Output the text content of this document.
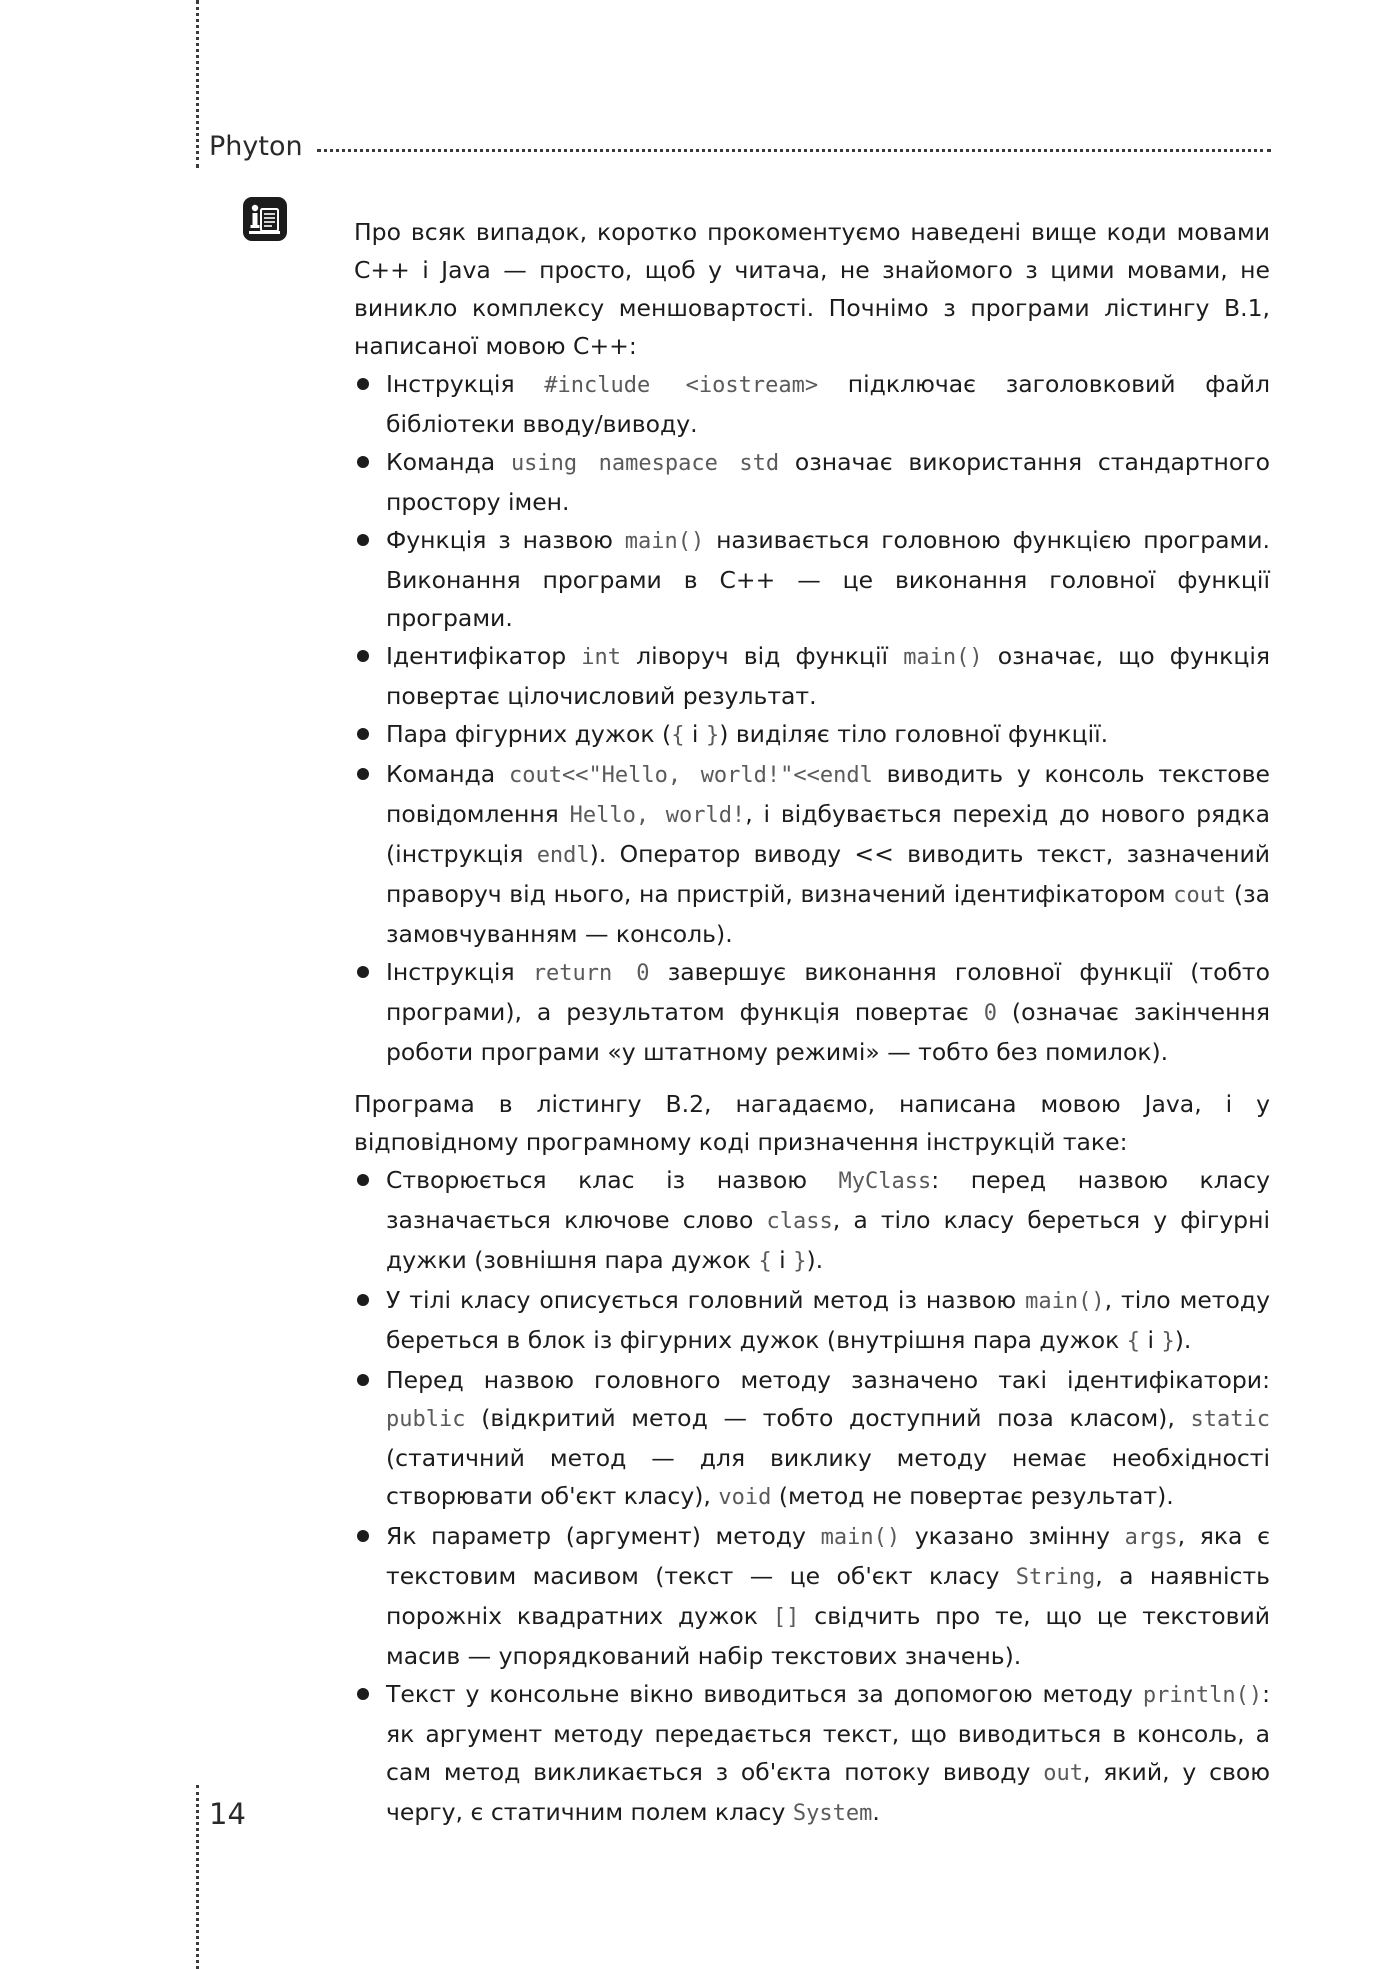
Phyton

Про всяк випадок, коротко прокоментуємо наведені вище коди мовами C++ і Java — просто, щоб у читача, не знайомого з цими мовами, не виникло комплексу меншовартості. Почнімо з програми лістингу В.1, написаної мовою C++:

Інструкція #include <iostream> підключає заголовковий файл бібліотеки вводу/виводу.
Команда using namespace std означає використання стандартного простору імен.
Функція з назвою main() називається головною функцією програми. Виконання програми в C++ — це виконання головної функції програми.
Ідентифікатор int ліворуч від функції main() означає, що функція повертає цілочисловий результат.
Пара фігурних дужок ({ і }) виділяє тіло головної функції.
Команда cout<<"Hello, world!"<<endl виводить у консоль текстове повідомлення Hello, world!, і відбувається перехід до нового рядка (інструкція endl). Оператор виводу << виводить текст, зазначений праворуч від нього, на пристрій, визначений ідентифікатором cout (за замовчуванням — консоль).
Інструкція return 0 завершує виконання головної функції (тобто програми), а результатом функція повертає 0 (означає закінчення роботи програми «у штатному режимі» — тобто без помилок).

Програма в лістингу В.2, нагадаємо, написана мовою Java, і у відповідному програмному коді призначення інструкцій таке:

Створюється клас із назвою MyClass: перед назвою класу зазначається ключове слово class, а тіло класу береться у фігурні дужки (зовнішня пара дужок { і }).
У тілі класу описується головний метод із назвою main(), тіло методу береться в блок із фігурних дужок (внутрішня пара дужок { і }).
Перед назвою головного методу зазначено такі ідентифікатори: public (відкритий метод — тобто доступний поза класом), static (статичний метод — для виклику методу немає необхідності створювати об'єкт класу), void (метод не повертає результат).
Як параметр (аргумент) методу main() указано змінну args, яка є текстовим масивом (текст — це об'єкт класу String, а наявність порожніх квадратних дужок [] свідчить про те, що це текстовий масив — упорядкований набір текстових значень).
Текст у консольне вікно виводиться за допомогою методу println(): як аргумент методу передається текст, що виводиться в консоль, а сам метод викликається з об'єкта потоку виводу out, який, у свою чергу, є статичним полем класу System.
14
